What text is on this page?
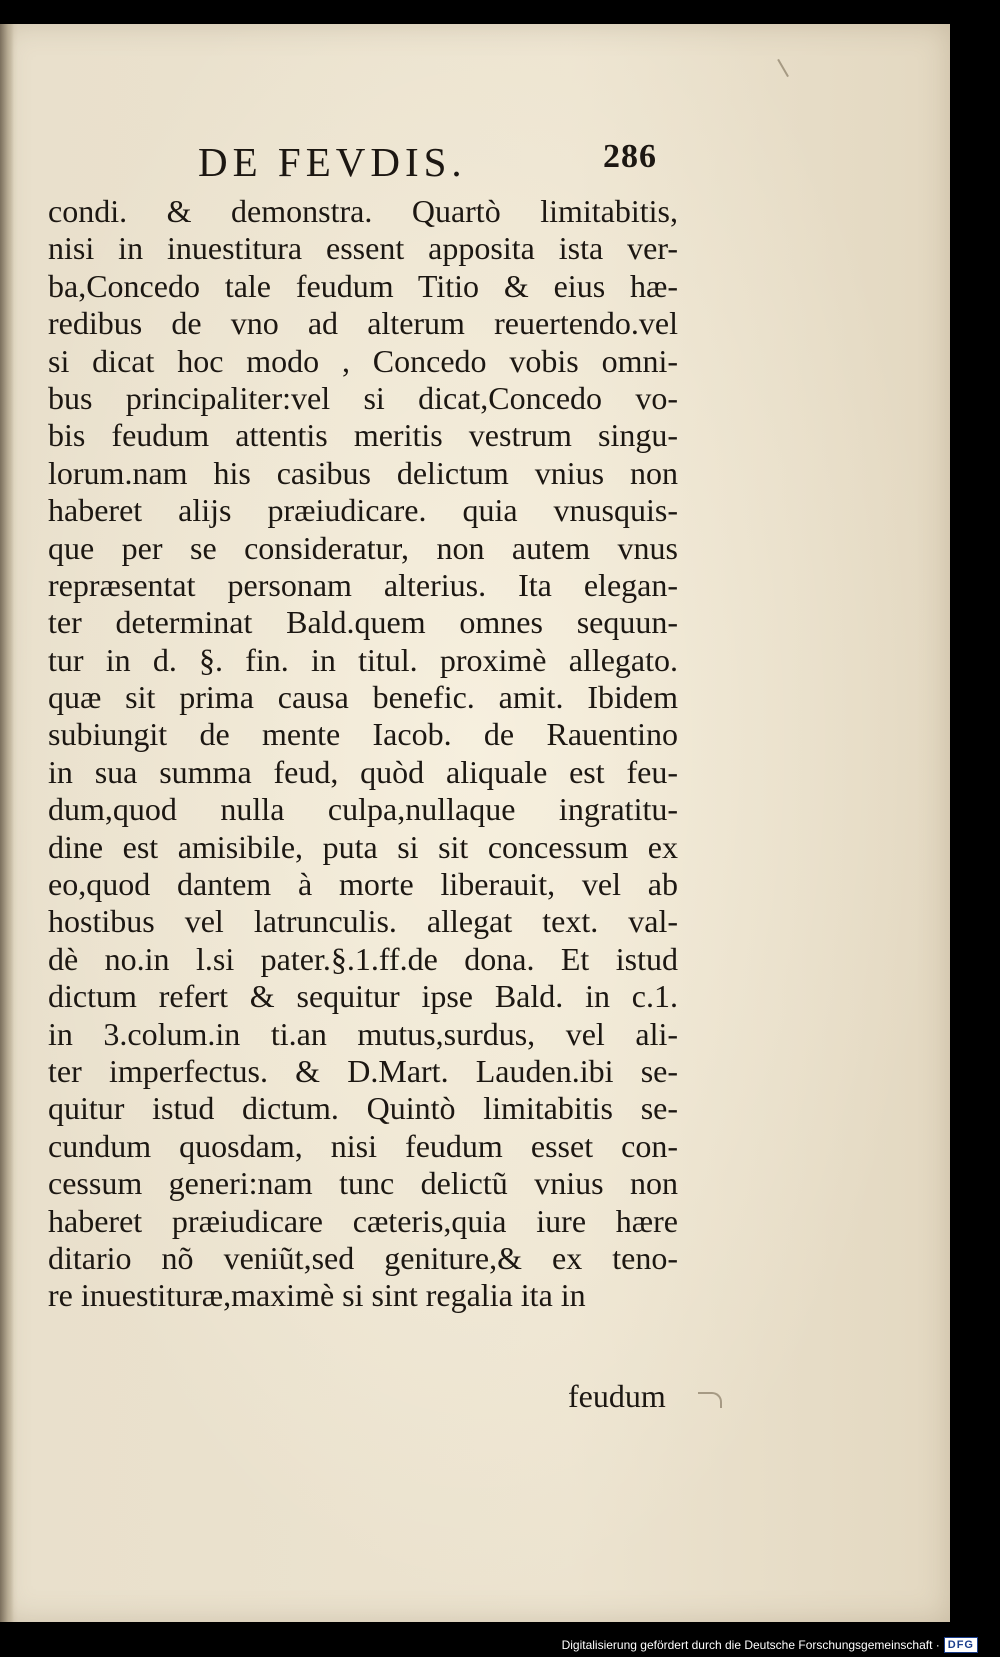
DE FEVDIS.	286
condi. & demonstra. Quartò limitabitis,
nisi in inuestitura essent apposita ista ver-
ba,Concedo tale feudum Titio & eius hæ-
redibus de vno ad alterum reuertendo.vel
si dicat hoc modo , Concedo vobis omni-
bus principaliter:vel si dicat,Concedo vo-
bis feudum attentis meritis vestrum singu-
lorum.nam his casibus delictum vnius non
haberet alijs præiudicare. quia vnusquis-
que per se consideratur, non autem vnus
repræsentat personam alterius. Ita elegan-
ter determinat Bald.quem omnes sequun-
tur in d. §. fin. in titul. proximè allegato.
quæ sit prima causa benefic. amit. Ibidem
subiungit de mente Iacob. de Rauentino
in sua summa feud, quòd aliquale est feu-
dum,quod nulla culpa,nullaque ingratitu-
dine est amisibile, puta si sit concessum ex
eo,quod dantem à morte liberauit, vel ab
hostibus vel latrunculis. allegat text. val-
dè no.in l.si pater.§.1.ff.de dona. Et istud
dictum refert & sequitur ipse Bald. in c.1.
in 3.colum.in ti.an mutus,surdus, vel ali-
ter imperfectus. & D.Mart. Lauden.ibi se-
quitur istud dictum. Quintò limitabitis se-
cundum quosdam, nisi feudum esset con-
cessum generi:nam tunc delictũ vnius non
haberet præiudicare cæteris,quia iure hære
ditario nõ veniũt,sed geniture,& ex teno-
re inuestituræ,maximè si sint regalia ita in
feudum
Digitalisierung gefördert durch die Deutsche Forschungsgemeinschaft · DFG
